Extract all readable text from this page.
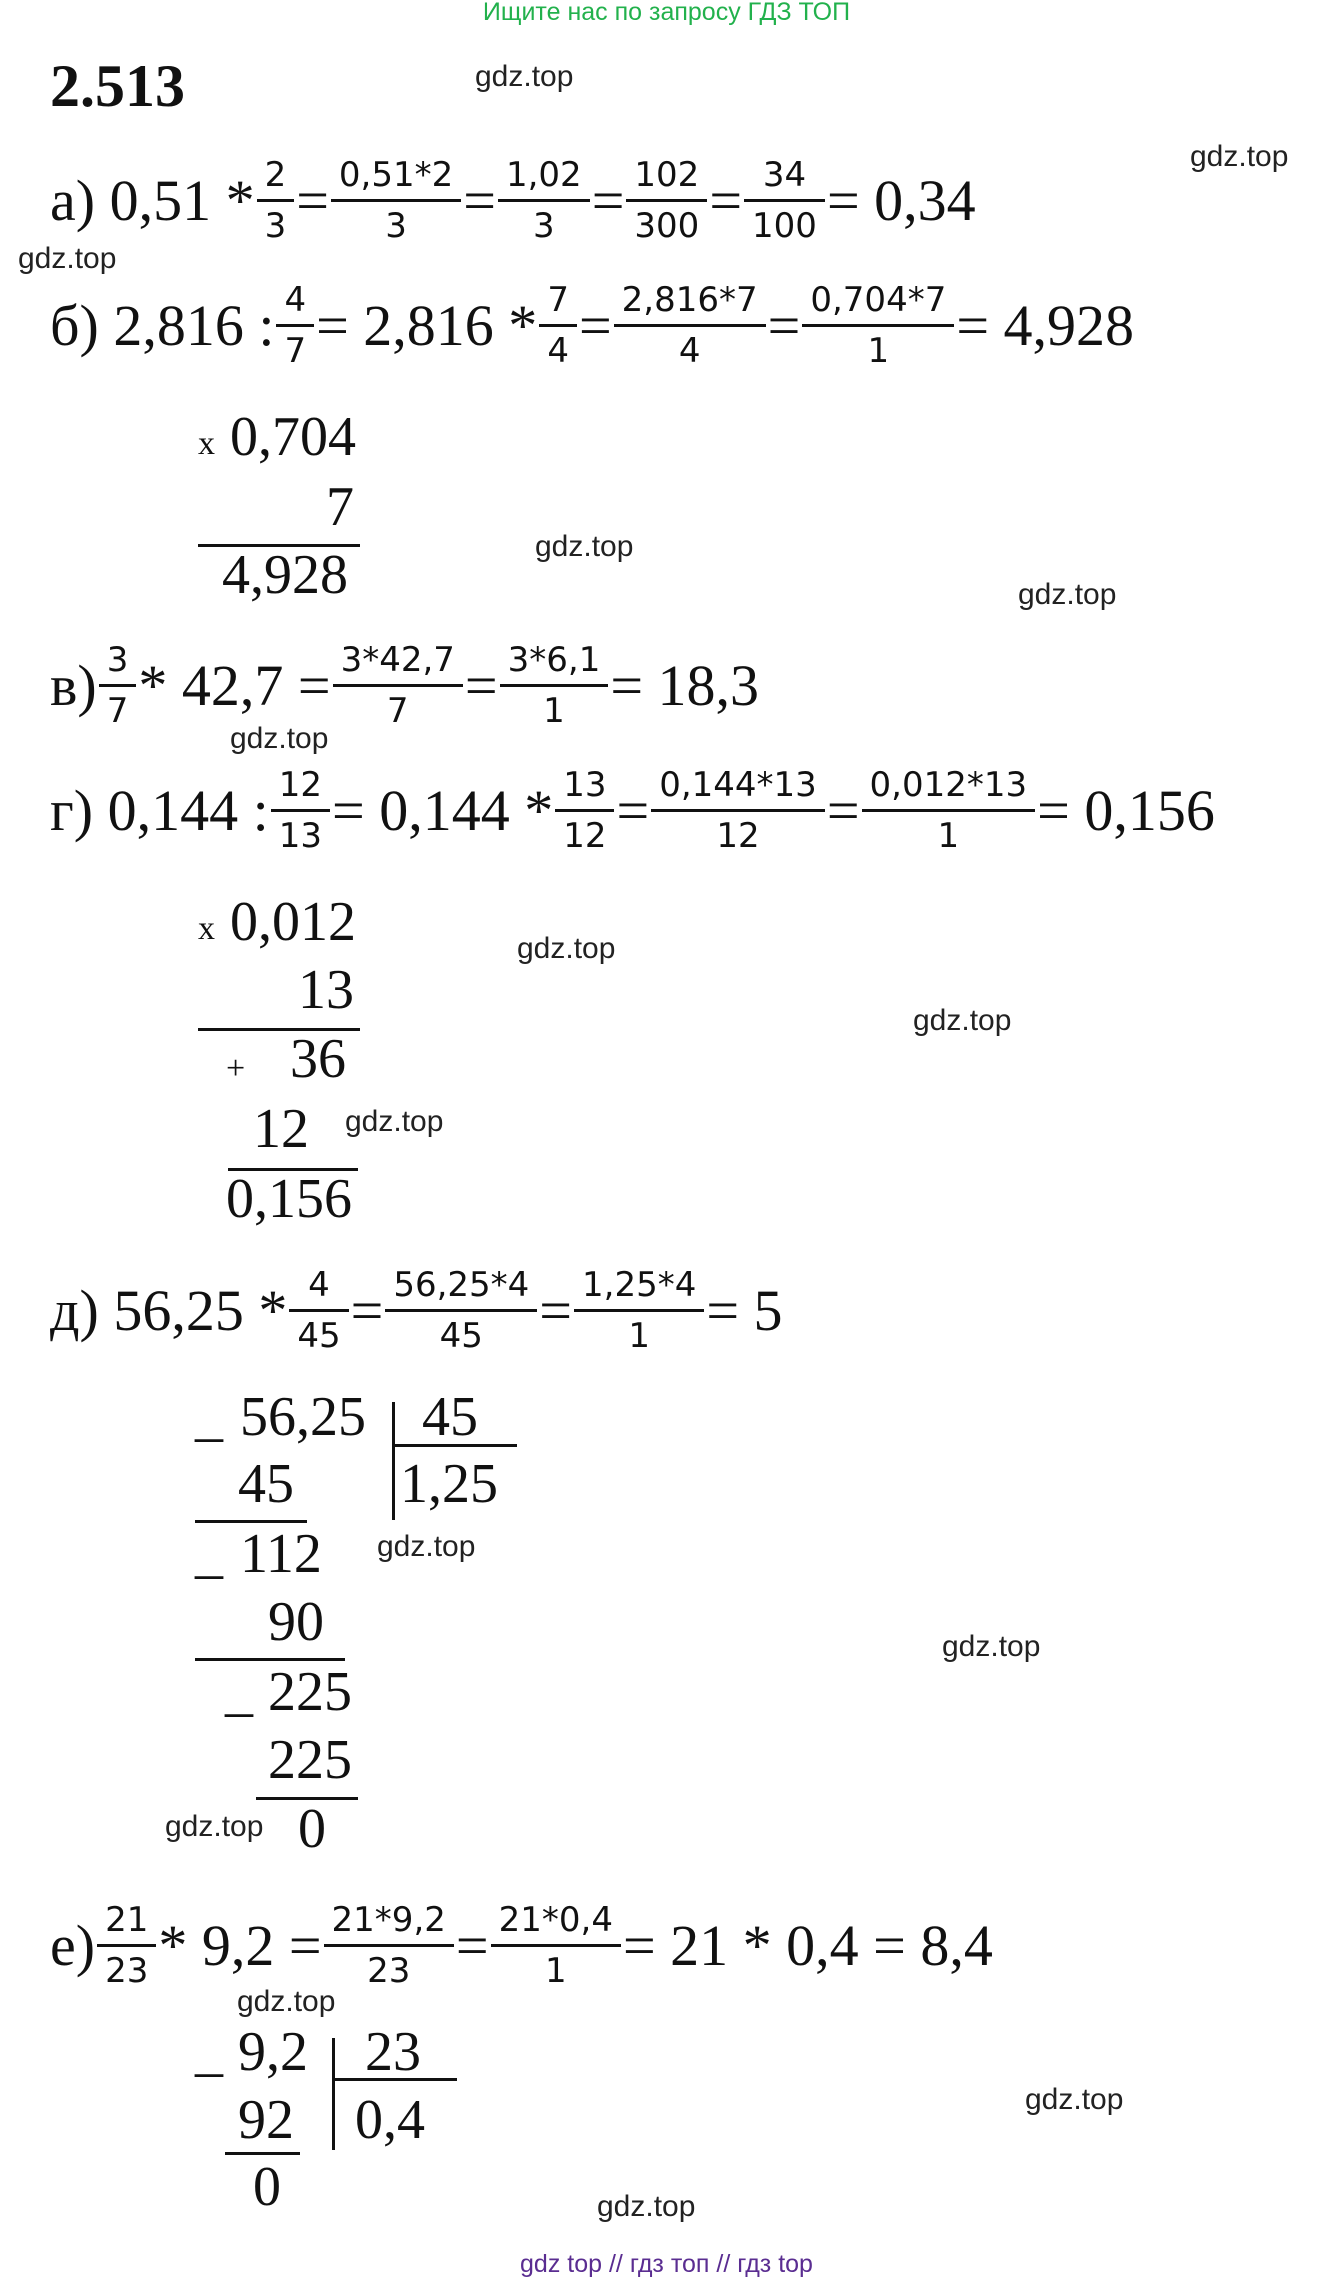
Ищите нас по запросу ГДЗ ТОП
2.513	gdz.top
gdz.top
gdz.top
gdz.top
gdz.top
gdz.top
gdz.top
gdz.top
gdz.top
gdz.top
gdz.top
gdz.top
gdz.top
gdz.top
gdz.top
а)
$0,51 * \frac{2}{3} = \frac{0,51*2}{3} = \frac{1,02}{3} = \frac{102}{300} = \frac{34}{100} = 0,34$
б)
2,816 : $\frac{4}{7} = 2,816 * \frac{7}{4} = \frac{2,816*7}{4} = \frac{0,704*7}{1} = 4,928$
x 0,704
7
4,928
$в) \frac{3}{7} * 42,7 = \frac{3*42,7}{7} = \frac{3*6,1}{1} = 18,3$
г)
0,144 : $\frac{12}{13} = 0,144 * \frac{13}{12} = \frac{0,144*13}{12} = \frac{0,012*13}{1} = 0,156$
x 0,012
13
+ 36
12
0,156
д)
$56,25 * \frac{4}{45} = \frac{56,25*4}{45} = \frac{1,25*4}{1} = 5$
_ 56,25 45
1,25
45
_ 112
90
_ 225
225
0
$е) \frac{21}{23} * 9,2 = \frac{21*9,2}{23} = \frac{21*0,4}{1} = 21 * 0,4 = 8,4$
_ 9,2 23
0,4
92
0
gdz top // гдз топ // гдз top
